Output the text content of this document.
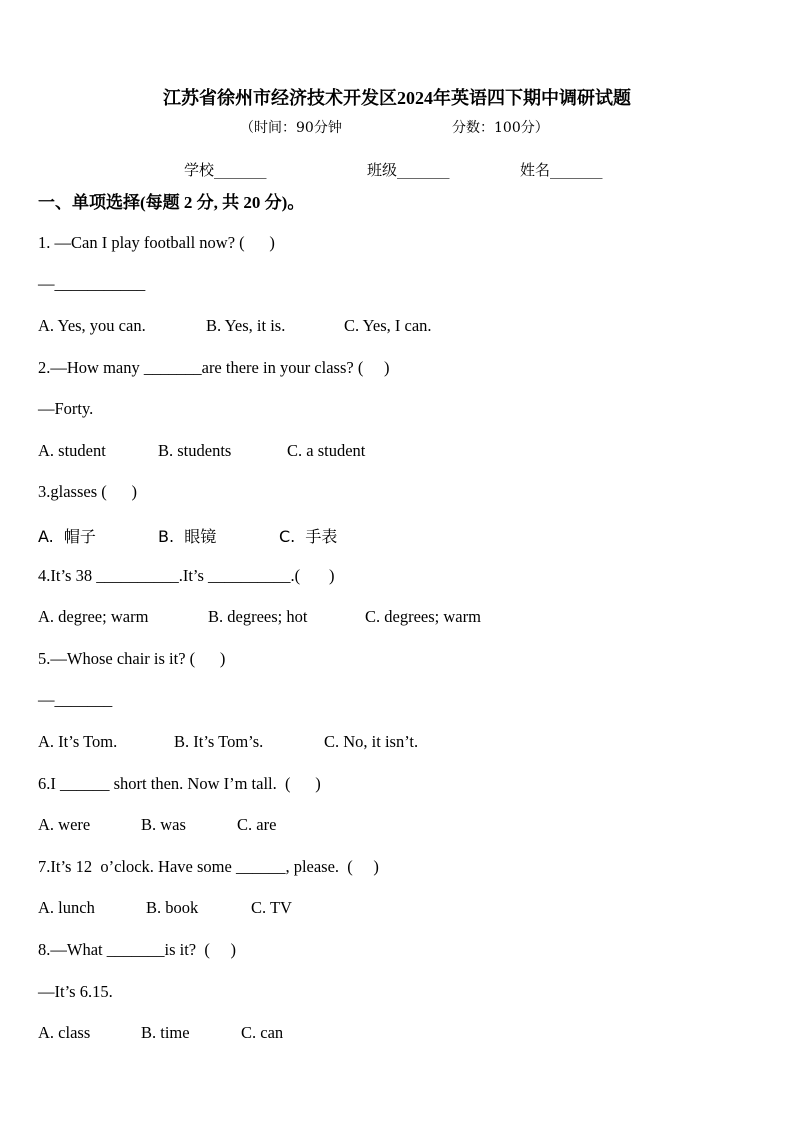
江苏省徐州市经济技术开发区2024年英语四下期中调研试题
（时间：90分钟	分数：100分）
学校_______	班级_______	姓名_______
一、单项选择(每题 2 分, 共 20 分)。
1. —Can I play football now? (      )
—___________
A. Yes, you can.	B. Yes, it is.	C. Yes, I can.
2.—How many _______are there in your class? (     )
—Forty.
A. student	B. students	C. a student
3.glasses (      )
A.  帽子	B.  眼镜	C.  手表
4.It’s 38 __________.It’s __________.(       )
A. degree; warm	B. degrees; hot	C. degrees; warm
5.—Whose chair is it? (      )
—_______
A. It’s Tom.	B. It’s Tom’s.	C. No, it isn’t.
6.I ______ short then. Now I’m tall.  (      )
A. were	B. was	C. are
7.It’s 12  o’clock. Have some ______, please.  (     )
A. lunch	B. book	C. TV
8.—What _______is it?  (     )
—It’s 6.15.
A. class	B. time	C. can
